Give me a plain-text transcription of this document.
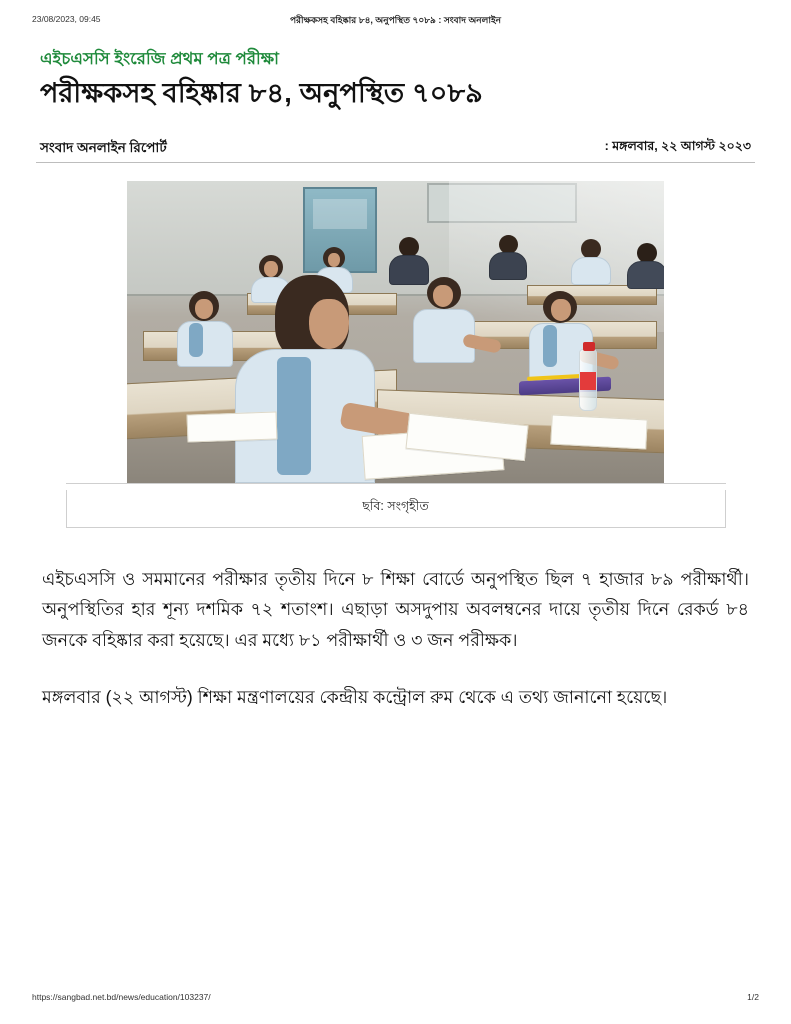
23/08/2023, 09:45	পরীক্ষকসহ বহিষ্কার ৮৪, অনুপস্থিত ৭০৮৯ : সংবাদ অনলাইন
এইচএসসি ইংরেজি প্রথম পত্র পরীক্ষা
পরীক্ষকসহ বহিষ্কার ৮৪, অনুপস্থিত ৭০৮৯
সংবাদ অনলাইন রিপোর্ট	: মঙ্গলবার, ২২ আগস্ট ২০২৩
ছবি: সংগৃহীত

এইচএসসি ও সমমানের পরীক্ষার তৃতীয় দিনে ৮ শিক্ষা বোর্ডে অনুপস্থিত ছিল ৭ হাজার ৮৯ পরীক্ষার্থী। অনুপস্থিতির হার শূন্য দশমিক ৭২ শতাংশ। এছাড়া অসদুপায় অবলম্বনের দায়ে তৃতীয় দিনে রেকর্ড ৮৪ জনকে বহিষ্কার করা হয়েছে। এর মধ্যে ৮১ পরীক্ষার্থী ও ৩ জন পরীক্ষক।

মঙ্গলবার (২২ আগস্ট) শিক্ষা মন্ত্রণালয়ের কেন্দ্রীয় কন্ট্রোল রুম থেকে এ তথ্য জানানো হয়েছে।

https://sangbad.net.bd/news/education/103237/	1/2
